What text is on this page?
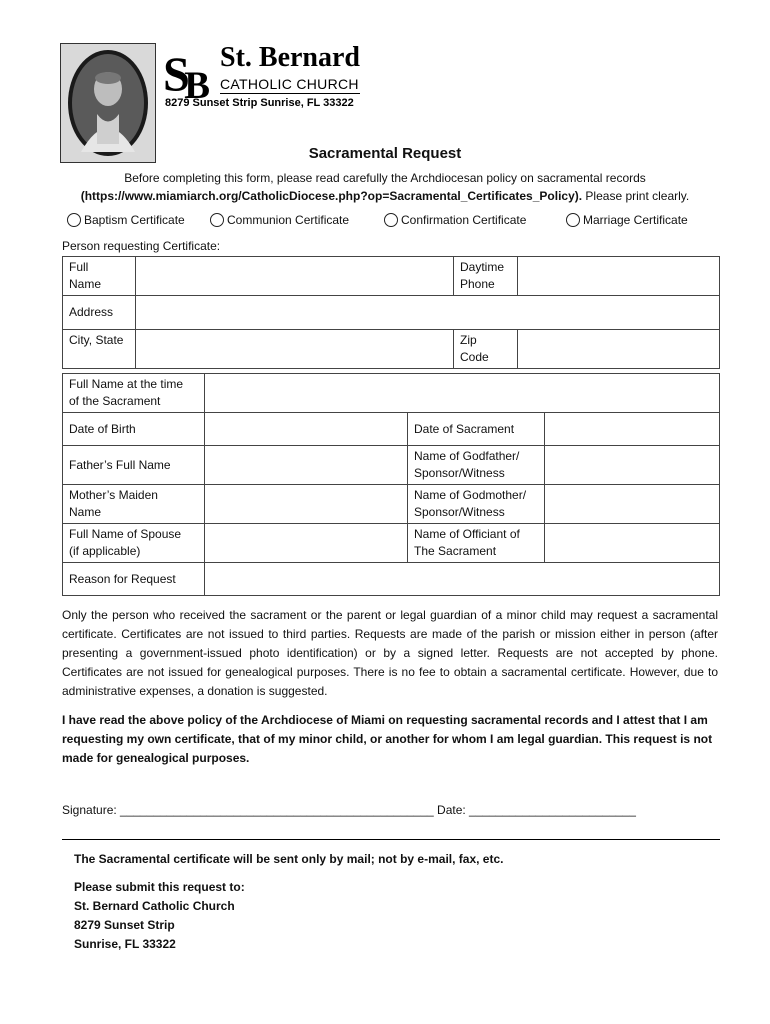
S
B
St. Bernard
CATHOLIC CHURCH
8279 Sunset Strip Sunrise, FL 33322
Sacramental Request
Before completing this form, please read carefully the Archdiocesan policy on sacramental records
(https://www.miamiarch.org/CatholicDiocese.php?op=Sacramental_Certificates_Policy). Please print clearly.
Baptism Certificate	Communion Certificate	Confirmation Certificate	Marriage Certificate
Person requesting Certificate:
Full
Name		Daytime
Phone	
Address			
City, State		Zip
Code	
Full Name at the time
of the Sacrament			
Date of Birth		Date of Sacrament	
Father’s Full Name		Name of Godfather/
Sponsor/Witness	
Mother’s Maiden
Name		Name of Godmother/
Sponsor/Witness	
Full Name of Spouse
(if applicable)		Name of Officiant of
The Sacrament	
Reason for Request			
Only the person who received the sacrament or the parent or legal guardian of a minor child may request a sacramental certificate. Certificates are not issued to third parties. Requests are made of the parish or mission either in person (after presenting a government-issued photo identification) or by a signed letter. Requests are not accepted by phone. Certificates are not issued for genealogical purposes. There is no fee to obtain a sacramental certificate. However, due to administrative expenses, a donation is suggested.
I have read the above policy of the Archdiocese of Miami on requesting sacramental records and I attest that I am requesting my own certificate, that of my minor child, or another for whom I am legal guardian. This request is not made for genealogical purposes.
Signature: _______________________________________________ Date: _________________________
The Sacramental certificate will be sent only by mail; not by e-mail, fax, etc.
Please submit this request to:
St. Bernard Catholic Church
8279 Sunset Strip
Sunrise, FL 33322
